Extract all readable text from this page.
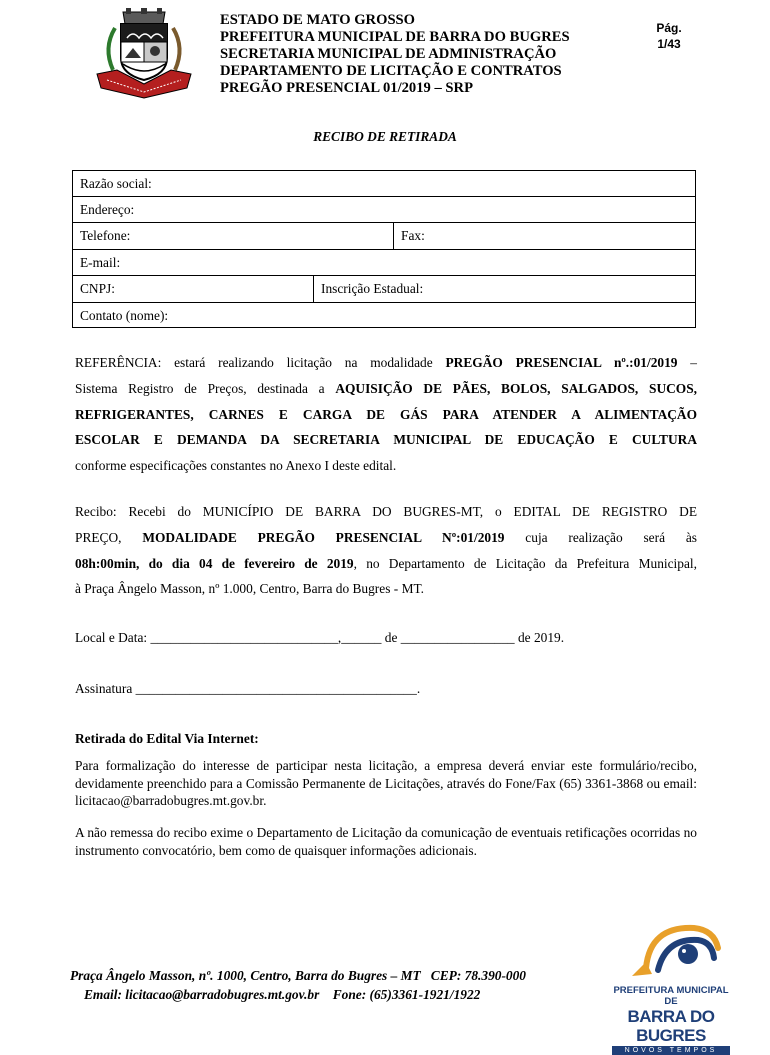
ESTADO DE MATO GROSSO
PREFEITURA MUNICIPAL DE BARRA DO BUGRES
SECRETARIA MUNICIPAL DE ADMINISTRAÇÃO
DEPARTAMENTO DE LICITAÇÃO E CONTRATOS
PREGÃO PRESENCIAL 01/2019 – SRP
Pág.
1/43
RECIBO DE RETIRADA
Razão social:
Endereço:
Telefone:	Fax:
E-mail:
CNPJ:	Inscrição Estadual:
Contato (nome):
REFERÊNCIA: estará realizando licitação na modalidade PREGÃO PRESENCIAL nº.:01/2019 –
Sistema Registro de Preços, destinada a AQUISIÇÃO DE PÃES, BOLOS, SALGADOS, SUCOS,
REFRIGERANTES, CARNES E CARGA DE GÁS PARA ATENDER A ALIMENTAÇÃO
ESCOLAR E DEMANDA DA SECRETARIA MUNICIPAL DE EDUCAÇÃO E CULTURA
conforme especificações constantes no Anexo I deste edital.
Recibo: Recebi do MUNICÍPIO DE BARRA DO BUGRES-MT, o EDITAL DE REGISTRO DE
PREÇO, MODALIDADE PREGÃO PRESENCIAL Nº:01/2019 cuja realização será às
08h:00min, do dia 04 de fevereiro de 2019, no Departamento de Licitação da Prefeitura Municipal,
à Praça Ângelo Masson, nº 1.000, Centro, Barra do Bugres - MT.
Local e Data: ____________________________,______ de _________________ de 2019.
Assinatura __________________________________________.
Retirada do Edital Via Internet:
Para formalização do interesse de participar nesta licitação, a empresa deverá enviar este formulário/recibo, devidamente preenchido para a Comissão Permanente de Licitações, através do Fone/Fax (65) 3361-3868 ou email: licitacao@barradobugres.mt.gov.br.
A não remessa do recibo exime o Departamento de Licitação da comunicação de eventuais retificações ocorridas no instrumento convocatório, bem como de quaisquer informações adicionais.
Praça Ângelo Masson, nº. 1000, Centro, Barra do Bugres – MT   CEP: 78.390-000
Email: licitacao@barradobugres.mt.gov.br    Fone: (65)3361-1921/1922	PREFEITURA MUNICIPAL DE
BARRA DO BUGRES
NOVOS TEMPOS
